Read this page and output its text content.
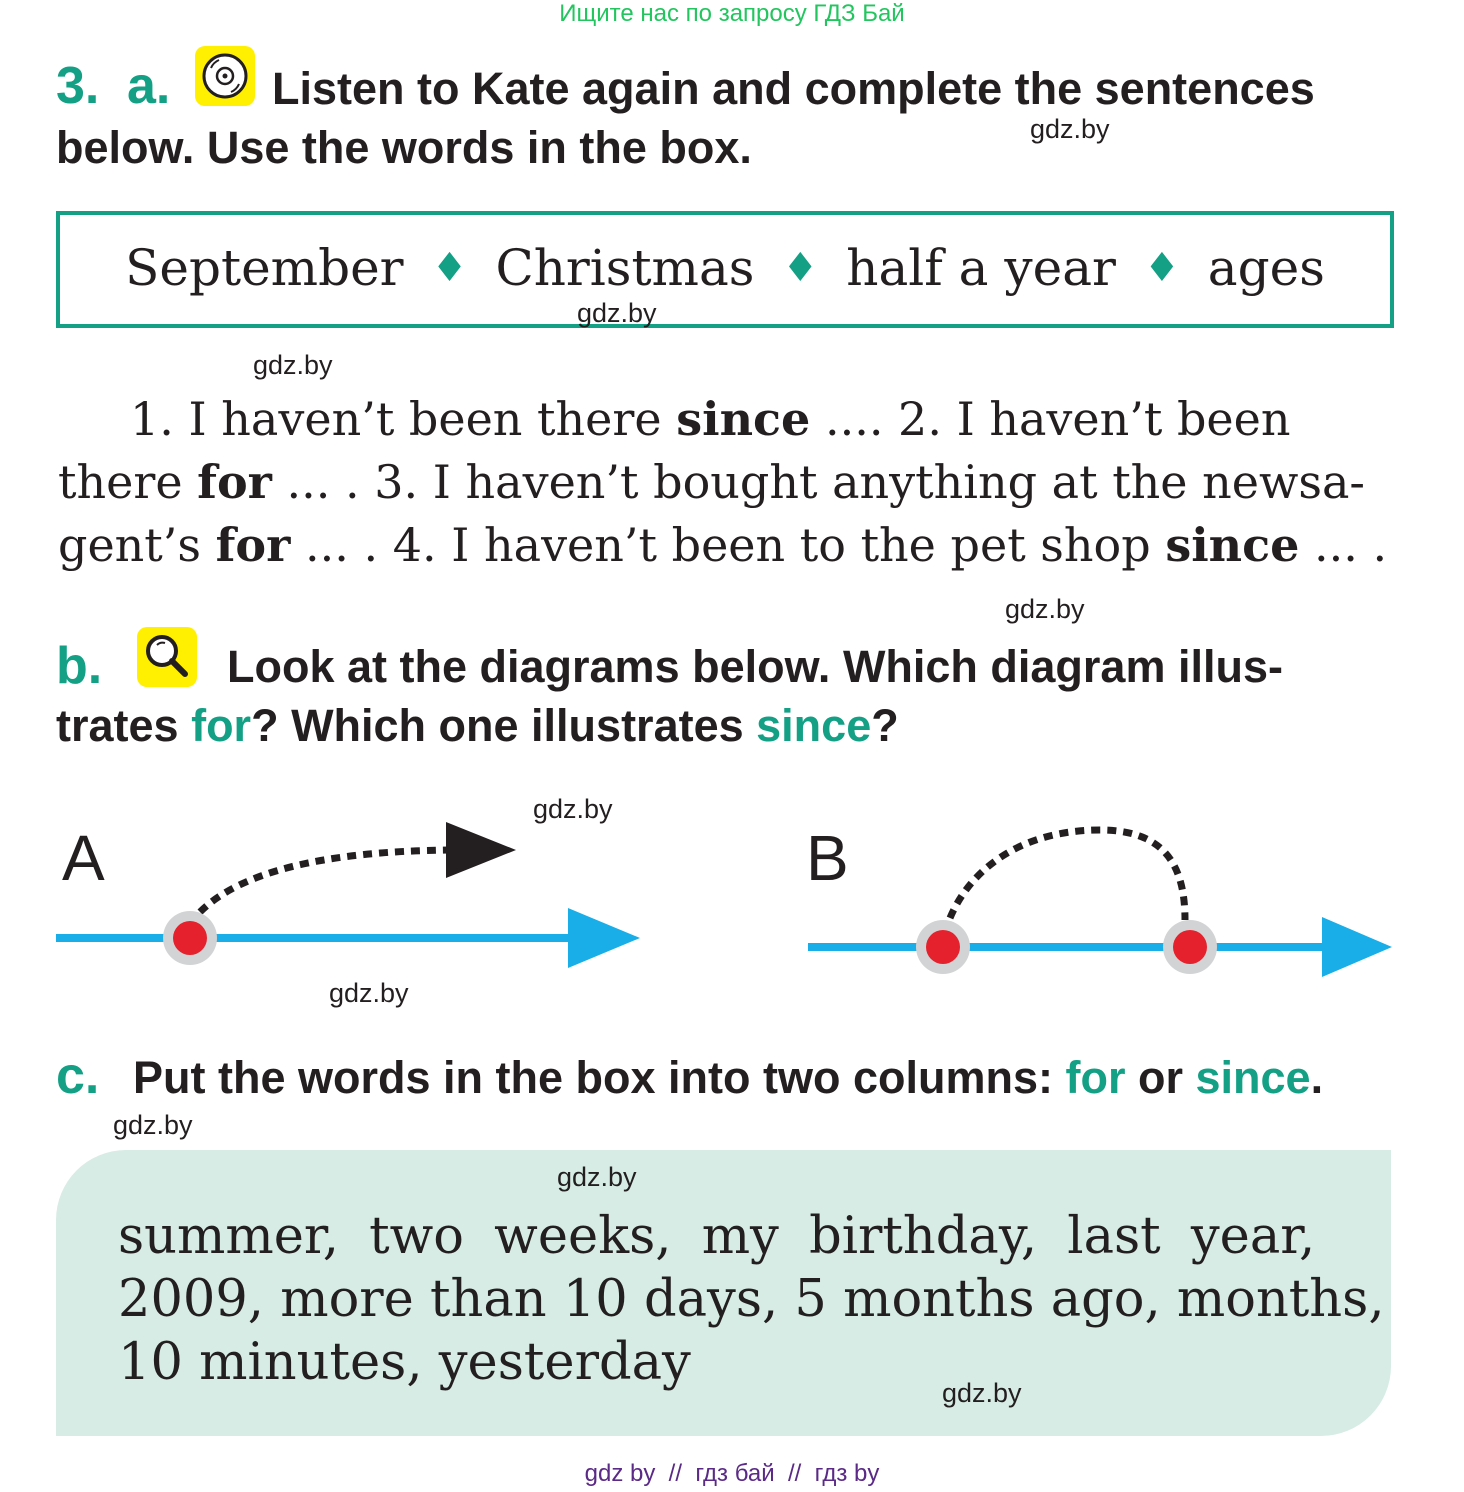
Ищите нас по запросу ГДЗ Бай
3. a. Listen to Kate again and complete the sentences
below. Use the words in the box.	gdz.by
September ♦ Christmas ♦ half a year ♦ ages
gdz.by
gdz.by
1. I haven’t been there since .... 2. I haven’t been
there for ... . 3. I haven’t bought anything at the newsa-
gent’s for ... . 4. I haven’t been to the pet shop since ... .
gdz.by
b.	Look at the diagrams below. Which diagram illus-
trates for? Which one illustrates since?
A
gdz.by
gdz.by
B
c. Put the words in the box into two columns: for or since.
gdz.by
gdz.by
summer, two weeks, my birthday, last year,
2009, more than 10 days, 5 months ago, months,
10 minutes, yesterday
gdz.by
gdz by  //  гдз бай  //  гдз by
